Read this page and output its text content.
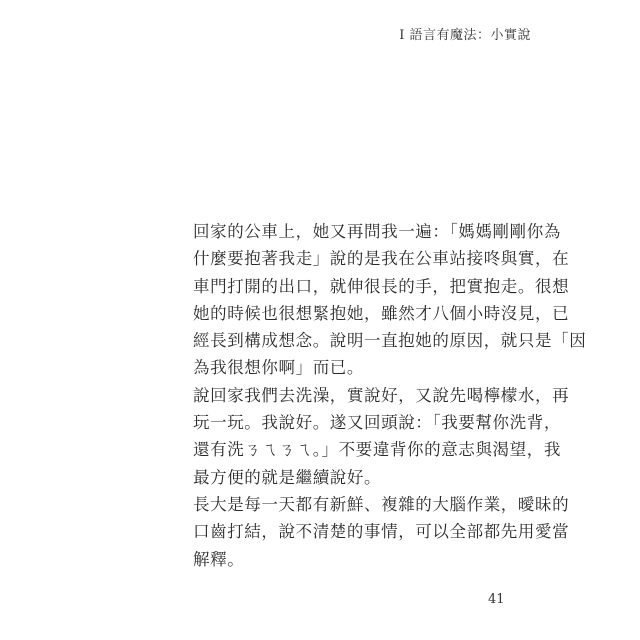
I 語言有魔法：小實說
回家的公車上，她又再問我一遍：「媽媽剛剛你為
什麼要抱著我走」說的是我在公車站接咚與實，在
車門打開的出口，就伸很長的手，把實抱走。很想
她的時候也很想緊抱她，雖然才八個小時沒見，已
經長到構成想念。說明一直抱她的原因，就只是「因
為我很想你啊」而已。
說回家我們去洗澡，實說好，又說先喝檸檬水，再
玩一玩。我說好。遂又回頭說：「我要幫你洗背，
還有洗ㄋㄟㄋㄟ。」不要違背你的意志與渴望，我
最方便的就是繼續說好。
長大是每一天都有新鮮、複雜的大腦作業，曖昧的
口齒打結，說不清楚的事情，可以全部都先用愛當
解釋。
41
